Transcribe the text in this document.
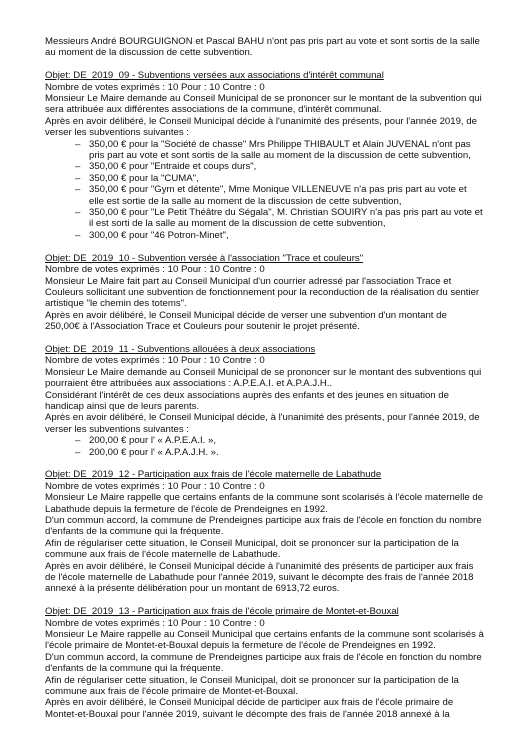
Messieurs André BOURGUIGNON et Pascal BAHU n'ont pas pris part au vote et sont sortis de la salle au moment de la discussion de cette subvention.

Objet: DE_2019_09 - Subventions versées aux associations d'intérêt communal

Nombre de votes exprimés : 10 Pour : 10 Contre : 0

Monsieur Le Maire demande au Conseil Municipal de se prononcer sur le montant de la subvention qui sera attribuée aux différentes associations de la commune, d'intérêt communal.

Après en avoir délibéré, le Conseil Municipal décide à l'unanimité des présents, pour l'année 2019, de verser les subventions suivantes :

– 350,00 € pour la "Société de chasse" Mrs Philippe THIBAULT et Alain JUVENAL n'ont pas pris part au vote et sont sortis de la salle au moment de la discussion de cette subvention,
– 350,00 € pour "Entraide et coups durs",
– 350,00 € pour la "CUMA",
– 350,00 € pour "Gym et détente", Mme Monique VILLENEUVE n'a pas pris part au vote et elle est sortie de la salle au moment de la discussion de cette subvention,
– 350,00 € pour "Le Petit Théâtre du Ségala", M. Christian SOUIRY n'a pas pris part au vote et il est sorti de la salle au moment de la discussion de cette subvention,
– 300,00 € pour "46 Potron-Minet",

Objet: DE_2019_10 - Subvention versée à l'association "Trace et couleurs"

Nombre de votes exprimés : 10 Pour : 10 Contre : 0

Monsieur Le Maire fait part au Conseil Municipal d'un courrier adressé par l'association Trace et Couleurs sollicitant une subvention de fonctionnement pour la reconduction de la réalisation du sentier artistique "le chemin des totems".

Après en avoir délibéré, le Conseil Municipal décide de verser une subvention d'un montant de 250,00€ à l'Association Trace et Couleurs pour soutenir le projet présenté.

Objet: DE_2019_11 - Subventions allouées à deux associations

Nombre de votes exprimés : 10 Pour : 10 Contre : 0

Monsieur Le Maire demande au Conseil Municipal de se prononcer sur le montant des subventions qui pourraient être attribuées aux associations : A.P.E.A.I. et A.P.A.J.H..

Considérant l'intérêt de ces deux associations auprès des enfants et des jeunes en situation de handicap ainsi que de leurs parents.

Après en avoir délibéré, le Conseil Municipal décide, à l'unanimité des présents, pour l'année 2019, de verser les subventions suivantes :

– 200,00 € pour l' « A.P.E.A.I. »,
– 200,00 € pour l' « A.P.A.J.H. ».

Objet: DE_2019_12 - Participation aux frais de l'école maternelle de Labathude

Nombre de votes exprimés : 10 Pour : 10 Contre : 0

Monsieur Le Maire rappelle que certains enfants de la commune sont scolarisés à l'école maternelle de Labathude depuis la fermeture de l'école de Prendeignes en 1992.

D'un commun accord, la commune de Prendeignes participe aux frais de l'école en fonction du nombre d'enfants de la commune qui la fréquente.

Afin de régulariser cette situation, le Conseil Municipal, doit se prononcer sur la participation de la commune aux frais de l'école maternelle de Labathude.

Après en avoir délibéré, le Conseil Municipal décide à l'unanimité des présents de participer aux frais de l'école maternelle de Labathude pour l'année 2019, suivant le décompte des frais de l'année 2018 annexé à la présente délibération pour un montant de 6913,72 euros.

Objet: DE_2019_13 - Participation aux frais de l'école primaire de Montet-et-Bouxal

Nombre de votes exprimés : 10 Pour : 10 Contre : 0

Monsieur Le Maire rappelle au Conseil Municipal que certains enfants de la commune sont scolarisés à l'école primaire de Montet-et-Bouxal depuis la fermeture de l'école de Prendeignes en 1992.

D'un commun accord, la commune de Prendeignes participe aux frais de l'école en fonction du nombre d'enfants de la commune qui la fréquente.

Afin de régulariser cette situation, le Conseil Municipal, doit se prononcer sur la participation de la commune aux frais de l'école primaire de Montet-et-Bouxal.

Après en avoir délibéré, le Conseil Municipal décide de participer aux frais de l'école primaire de Montet-et-Bouxal pour l'année 2019, suivant le décompte des frais de l'année 2018 annexé à la
